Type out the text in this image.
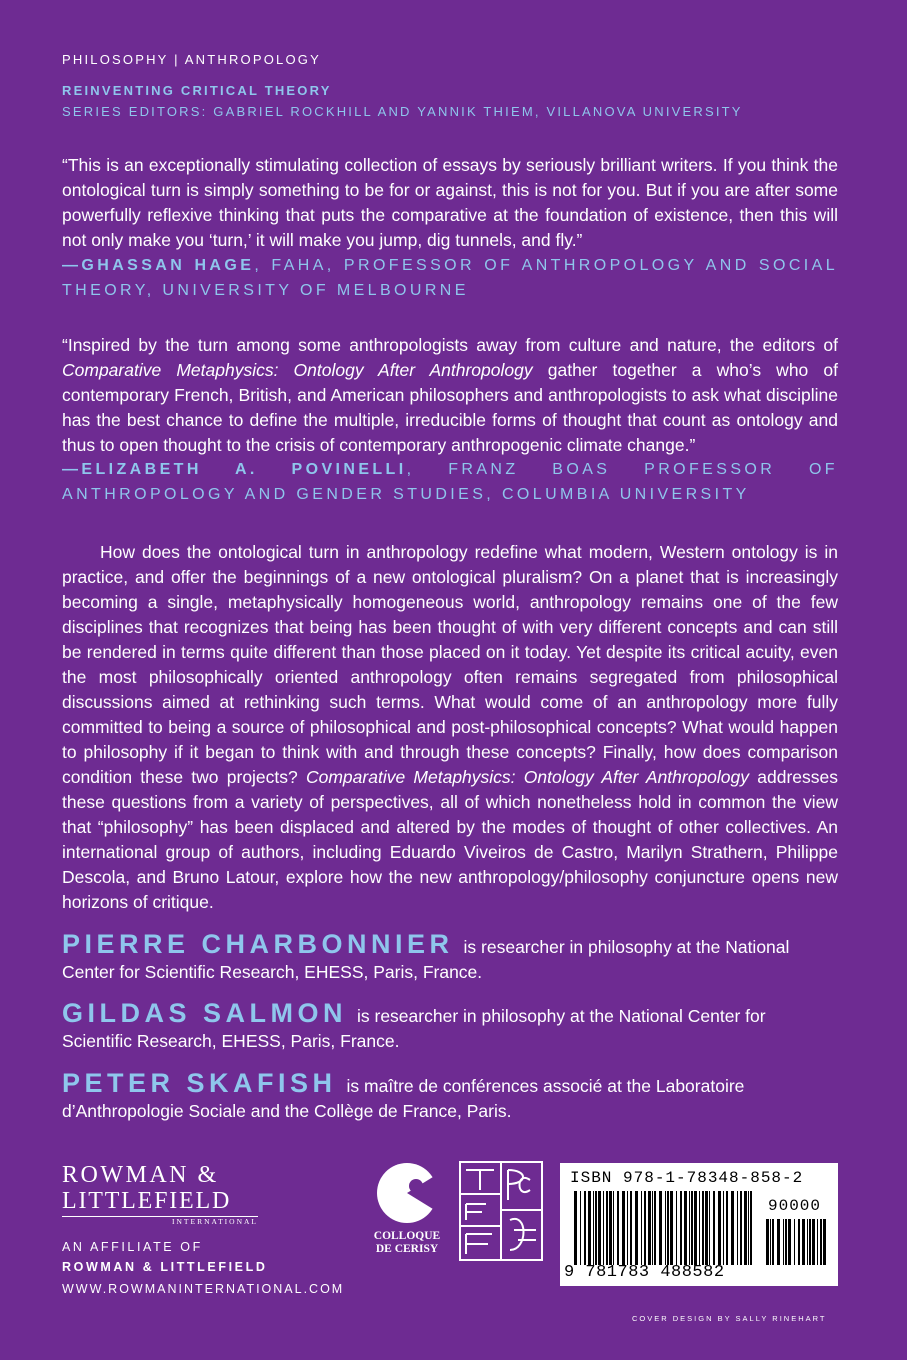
PHILOSOPHY | ANTHROPOLOGY
REINVENTING CRITICAL THEORY
SERIES EDITORS: GABRIEL ROCKHILL AND YANNIK THIEM, VILLANOVA UNIVERSITY
“This is an exceptionally stimulating collection of essays by seriously brilliant writers. If you think the ontological turn is simply something to be for or against, this is not for you. But if you are after some powerfully reflexive thinking that puts the comparative at the foundation of existence, then this will not only make you ‘turn,’ it will make you jump, dig tunnels, and fly.”
—GHASSAN HAGE, FAHA, PROFESSOR OF ANTHROPOLOGY AND SOCIAL THEORY, UNIVERSITY OF MELBOURNE
“Inspired by the turn among some anthropologists away from culture and nature, the editors of Comparative Metaphysics: Ontology After Anthropology gather together a who’s who of contemporary French, British, and American philosophers and anthropologists to ask what discipline has the best chance to define the multiple, irreducible forms of thought that count as ontology and thus to open thought to the crisis of contemporary anthropogenic climate change.”
—ELIZABETH A. POVINELLI, FRANZ BOAS PROFESSOR OF ANTHROPOLOGY AND GENDER STUDIES, COLUMBIA UNIVERSITY
How does the ontological turn in anthropology redefine what modern, Western ontology is in practice, and offer the beginnings of a new ontological pluralism? On a planet that is increasingly becoming a single, metaphysically homogeneous world, anthropology remains one of the few disciplines that recognizes that being has been thought of with very different concepts and can still be rendered in terms quite different than those placed on it today. Yet despite its critical acuity, even the most philosophically oriented anthropology often remains segregated from philosophical discussions aimed at rethinking such terms. What would come of an anthropology more fully committed to being a source of philosophical and post-philosophical concepts? What would happen to philosophy if it began to think with and through these concepts? Finally, how does comparison condition these two projects? Comparative Metaphysics: Ontology After Anthropology addresses these questions from a variety of perspectives, all of which nonetheless hold in common the view that “philosophy” has been displaced and altered by the modes of thought of other collectives. An international group of authors, including Eduardo Viveiros de Castro, Marilyn Strathern, Philippe Descola, and Bruno Latour, explore how the new anthropology/philosophy conjuncture opens new horizons of critique.
PIERRE CHARBONNIER is researcher in philosophy at the National Center for Scientific Research, EHESS, Paris, France.
GILDAS SALMON is researcher in philosophy at the National Center for Scientific Research, EHESS, Paris, France.
PETER SKAFISH is maître de conférences associé at the Laboratoire d’Anthropologie Sociale and the Collège de France, Paris.
ROWMAN &
LITTLEFIELD
INTERNATIONAL
AN AFFILIATE OF
ROWMAN & LITTLEFIELD
WWW.ROWMANINTERNATIONAL.COM
COLLOQUE
DE CERISY
ISBN 978-1-78348-858-2
90000
9 781783 488582
COVER DESIGN BY SALLY RINEHART
